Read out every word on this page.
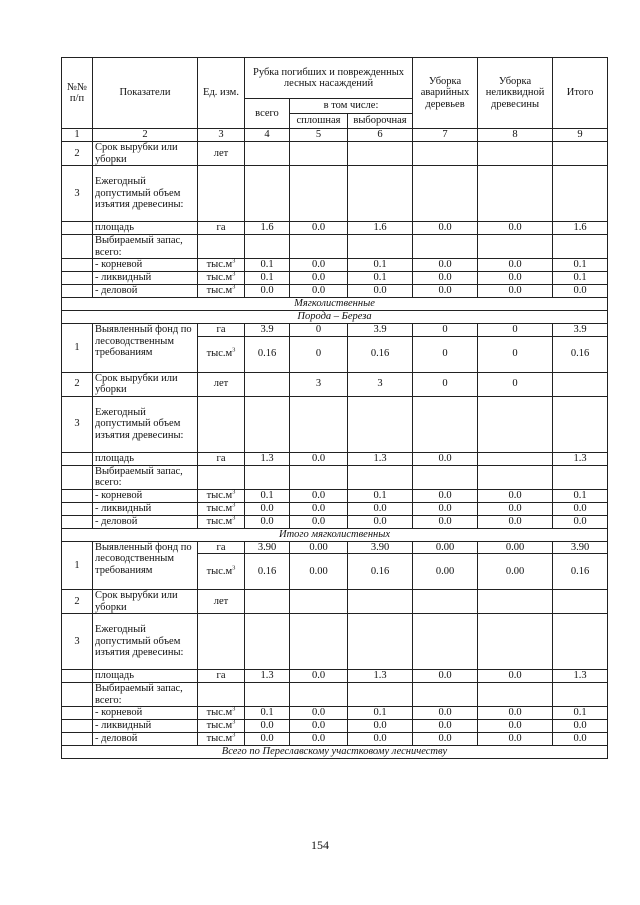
№№ п/п	Показатели	Ед. изм.	Рубка погибших и поврежденных лесных насаждений			Уборка аварийных деревьев	Уборка неликвидной древесины	Итого
			всего	в том числе:				
				сплошная	выборочная			
1	2	3	4	5	6	7	8	9
2	Срок вырубки или уборки	лет						
3	Ежегодный допустимый объем изъятия древесины:							
	площадь	га	1.6	0.0	1.6	0.0	0.0	1.6
	Выбираемый запас, всего:							
	- корневой	$тыс.м^3$	0.1	0.0	0.1	0.0	0.0	0.1
	- ликвидный	$тыс.м^3$	0.1	0.0	0.1	0.0	0.0	0.1
	- деловой	$тыс.м^3$	0.0	0.0	0.0	0.0	0.0	0.0
Мягколиственные								
Порода – Береза								
1	Выявленный фонд по лесоводственным требованиям	га	3.9	0	3.9	0	0	3.9
		$тыс.м^3$	0.16	0	0.16	0	0	0.16
2	Срок вырубки или уборки	лет		3	3	0	0	
3	Ежегодный допустимый объем изъятия древесины:							
	площадь	га	1.3	0.0	1.3	0.0		1.3
	Выбираемый запас, всего:							
	- корневой	$тыс.м^3$	0.1	0.0	0.1	0.0	0.0	0.1
	- ликвидный	$тыс.м^3$	0.0	0.0	0.0	0.0	0.0	0.0
	- деловой	$тыс.м^3$	0.0	0.0	0.0	0.0	0.0	0.0
Итого мягколиственных								
1	Выявленный фонд по лесоводственным требованиям	га	3.90	0.00	3.90	0.00	0.00	3.90
		$тыс.м^3$	0.16	0.00	0.16	0.00	0.00	0.16
2	Срок вырубки или уборки	лет						
3	Ежегодный допустимый объем изъятия древесины:							
	площадь	га	1.3	0.0	1.3	0.0	0.0	1.3
	Выбираемый запас, всего:							
	- корневой	$тыс.м^3$	0.1	0.0	0.1	0.0	0.0	0.1
	- ликвидный	$тыс.м^3$	0.0	0.0	0.0	0.0	0.0	0.0
	- деловой	$тыс.м^3$	0.0	0.0	0.0	0.0	0.0	0.0
Всего по Переславскому участковому лесничеству								
154
